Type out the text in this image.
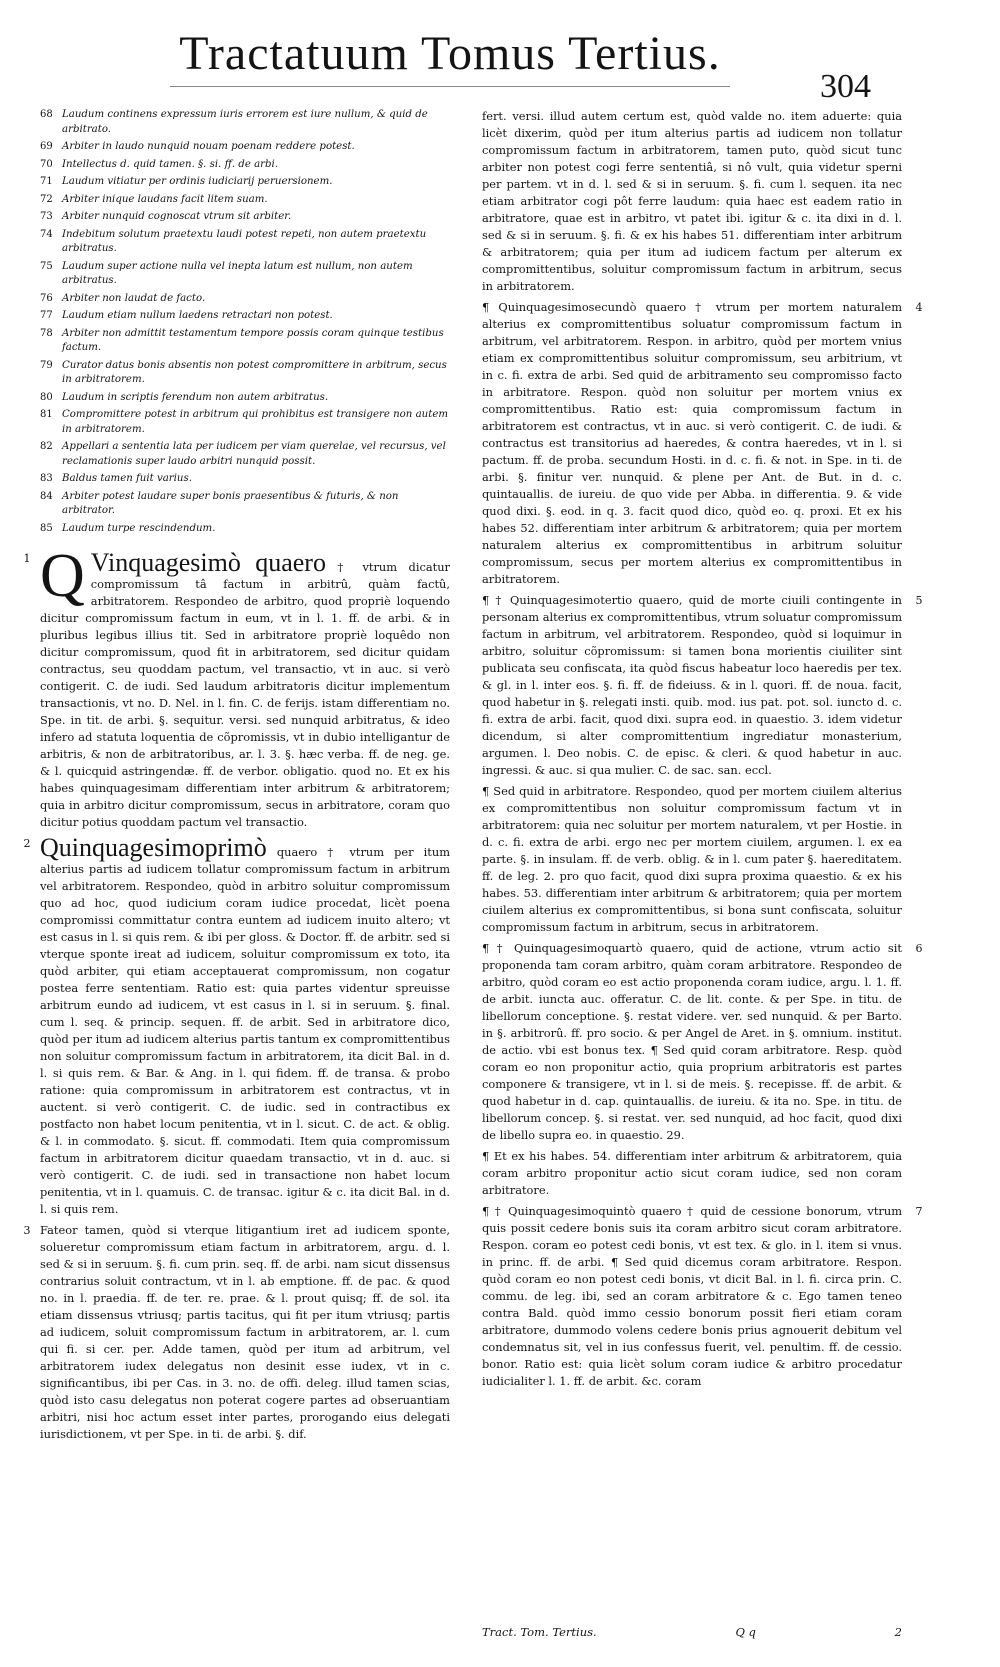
Tractatuum Tomus Tertius.
304
68 Laudum continens expressum iuris errorem est iure nullum, & quid de arbitrato.
69 Arbiter in laudo nunquid nouam poenam reddere potest.
70 Intellectus d. quid tamen. §. si. ff. de arbi.
71 Laudum vitiatur per ordinis iudiciarij peruersionem.
72 Arbiter inique laudans facit litem suam.
73 Arbiter nunquid cognoscat vtrum sit arbiter.
74 Indebitum solutum praetextu laudi potest repeti, non autem praetextu arbitratus.
75 Laudum super actione nulla vel inepta latum est nullum, non autem arbitratus.
76 Arbiter non laudat de facto.
77 Laudum etiam nullum laedens retractari non potest.
78 Arbiter non admittit testamentum tempore possis coram quinque testibus factum.
79 Curator datus bonis absentis non potest compromittere in arbitrum, secus in arbitratorem.
80 Laudum in scriptis ferendum non autem arbitratus.
81 Compromittere potest in arbitrum qui prohibitus est transigere non autem in arbitratorem.
82 Appellari a sententia lata per iudicem per viam querelae, vel recursus, vel reclamationis super laudo arbitri nunquid possit.
83 Baldus tamen fuit varius.
84 Arbiter potest laudare super bonis praesentibus & futuris, & non arbitrator.
85 Laudum turpe rescindendum.

1 Q Vinquagesimò quaero † vtrum dicatur compromissum tâ factum in arbitrû, quàm factû, arbitratorem. Respondeo de arbitro, quod propriè loquendo dicitur compromissum factum in eum, vt in l. 1. ff. de arbi. & in pluribus legibus illius tit. Sed in arbitratore propriè loquêdo non dicitur compromissum, quod fit in arbitratorem, sed dicitur quidam contractus, seu quoddam pactum, vel transactio, vt in auc. si verò contigerit. C. de iudi. Sed laudum arbitratoris dicitur implementum transactionis, vt no. D. Nel. in l. fin. C. de ferijs. istam differentiam no. Spe. in tit. de arbi. §. sequitur. versi. sed nunquid arbitratus, & ideo infero ad statuta loquentia de cõpromissis, vt in dubio intelligantur de arbitris, & non de arbitratoribus, ar. l. 3. §. hæc verba. ff. de neg. ge. & l. quicquid astringendæ. ff. de verbor. obligatio. quod no. Et ex his habes quinquagesimam differentiam inter arbitrum & arbitratorem; quia in arbitro dicitur compromissum, secus in arbitratore, coram quo dicitur potius quoddam pactum vel transactio.

2 Quinquagesimoprimò quaero † vtrum per itum alterius partis ad iudicem tollatur compromissum factum in arbitrum vel arbitratorem. Respondeo, quòd in arbitro soluitur compromissum quo ad hoc, quod iudicium coram iudice procedat, licèt poena compromissi committatur contra euntem ad iudicem inuito altero; vt est casus in l. si quis rem. & ibi per gloss. & Doctor. ff. de arbitr. sed si vterque sponte ireat ad iudicem, soluitur compromissum ex toto, ita quòd arbiter, qui etiam acceptauerat compromissum, non cogatur postea ferre sententiam. Ratio est: quia partes videntur spreuisse arbitrum eundo ad iudicem, vt est casus in l. si in seruum. §. final. cum l. seq. & princip. sequen. ff. de arbit. Sed in arbitratore dico, quòd per itum ad iudicem alterius partis tantum ex compromittentibus non soluitur compromissum factum in arbitratorem, ita dicit Bal. in d. l. si quis rem. & Bar. & Ang. in l. qui fidem. ff. de transa. & probo ratione: quia compromissum in arbitratorem est contractus, vt in auctent. si verò contigerit. C. de iudic. sed in contractibus ex postfacto non habet locum penitentia, vt in l. sicut. C. de act. & oblig. & l. in commodato. §. sicut. ff. commodati. Item quia compromissum factum in arbitratorem dicitur quaedam transactio, vt in d. auc. si verò contigerit. C. de iudi. sed in transactione non habet locum penitentia, vt in l. quamuis. C. de transac. igitur & c. ita dicit Bal. in d. l. si quis rem.

3 Fateor tamen, quòd si vterque litigantium iret ad iudicem sponte, solueretur compromissum etiam factum in arbitratorem, argu. d. l. sed & si in seruum. §. fi. cum prin. seq. ff. de arbi. nam sicut dissensus contrarius soluit contractum, vt in l. ab emptione. ff. de pac. & quod no. in l. praedia. ff. de ter. re. prae. & l. prout quisq; ff. de sol. ita etiam dissensus vtriusq; partis tacitus, qui fit per itum vtriusq; partis ad iudicem, soluit compromissum factum in arbitratorem, ar. l. cum qui fi. si cer. per. Adde tamen, quòd per itum ad arbitrum, vel arbitratorem iudex delegatus non desinit esse iudex, vt in c. significantibus, ibi per Cas. in 3. no. de offi. deleg. illud tamen scias, quòd isto casu delegatus non poterat cogere partes ad obseruantiam arbitri, nisi hoc actum esset inter partes, prorogando eius delegati iurisdictionem, vt per Spe. in ti. de arbi. §. dif.

fert. versi. illud autem certum est, quòd valde no. item aduerte: quia licèt dixerim, quòd per itum alterius partis ad iudicem non tollatur compromissum factum in arbitratorem, tamen puto, quòd sicut tunc arbiter non potest cogi ferre sententiâ, si nô vult, quia videtur sperni per partem. vt in d. l. sed & si in seruum. §. fi. cum l. sequen. ita nec etiam arbitrator cogi pôt ferre laudum: quia haec est eadem ratio in arbitratore, quae est in arbitro, vt patet ibi. igitur & c. ita dixi in d. l. sed & si in seruum. §. fi. & ex his habes 51. differentiam inter arbitrum & arbitratorem; quia per itum ad iudicem factum per alterum ex compromittentibus, soluitur compromissum factum in arbitrum, secus in arbitratorem.

4
¶ Quinquagesimosecundò quaero † vtrum per mortem naturalem alterius ex compromittentibus soluatur compromissum factum in arbitrum, vel arbitratorem. Respon. in arbitro, quòd per mortem vnius etiam ex compromittentibus soluitur compromissum, seu arbitrium, vt in c. fi. extra de arbi. Sed quid de arbitramento seu compromisso facto in arbitratore. Respon. quòd non soluitur per mortem vnius ex compromittentibus. Ratio est: quia compromissum factum in arbitratorem est contractus, vt in auc. si verò contigerit. C. de iudi. & contractus est transitorius ad haeredes, & contra haeredes, vt in l. si pactum. ff. de proba. secundum Hosti. in d. c. fi. & not. in Spe. in ti. de arbi. §. finitur ver. nunquid. & plene per Ant. de But. in d. c. quintauallis. de iureiu. de quo vide per Abba. in differentia. 9. & vide quod dixi. §. eod. in q. 3. facit quod dico, quòd eo. q. proxi. Et ex his habes 52. differentiam inter arbitrum & arbitratorem; quia per mortem naturalem alterius ex compromittentibus in arbitrum soluitur compromissum, secus per mortem alterius ex compromittentibus in arbitratorem.

5
¶ † Quinquagesimotertio quaero, quid de morte ciuili contingente in personam alterius ex compromittentibus, vtrum soluatur compromissum factum in arbitrum, vel arbitratorem. Respondeo, quòd si loquimur in arbitro, soluitur cõpromissum: si tamen bona morientis ciuiliter sint publicata seu confiscata, ita quòd fiscus habeatur loco haeredis per tex. & gl. in l. inter eos. §. fi. ff. de fideiuss. & in l. quori. ff. de noua. facit, quod habetur in §. relegati insti. quib. mod. ius pat. pot. sol. iuncto d. c. fi. extra de arbi. facit, quod dixi. supra eod. in quaestio. 3. idem videtur dicendum, si alter compromittentium ingrediatur monasterium, argumen. l. Deo nobis. C. de episc. & cleri. & quod habetur in auc. ingressi. & auc. si qua mulier. C. de sac. san. eccl.

¶ Sed quid in arbitratore. Respondeo, quod per mortem ciuilem alterius ex compromittentibus non soluitur compromissum factum vt in arbitratorem: quia nec soluitur per mortem naturalem, vt per Hostie. in d. c. fi. extra de arbi. ergo nec per mortem ciuilem, argumen. l. ex ea parte. §. in insulam. ff. de verb. oblig. & in l. cum pater §. haereditatem. ff. de leg. 2. pro quo facit, quod dixi supra proxima quaestio. & ex his habes. 53. differentiam inter arbitrum & arbitratorem; quia per mortem ciuilem alterius ex compromittentibus, si bona sunt confiscata, soluitur compromissum factum in arbitrum, secus in arbitratorem.

6
¶ † Quinquagesimoquartò quaero, quid de actione, vtrum actio sit proponenda tam coram arbitro, quàm coram arbitratore. Respondeo de arbitro, quòd coram eo est actio proponenda coram iudice, argu. l. 1. ff. de arbit. iuncta auc. offeratur. C. de lit. conte. & per Spe. in titu. de libellorum conceptione. §. restat videre. ver. sed nunquid. & per Barto. in §. arbitrorû. ff. pro socio. & per Angel de Aret. in §. omnium. institut. de actio. vbi est bonus tex. ¶ Sed quid coram arbitratore. Resp. quòd coram eo non proponitur actio, quia proprium arbitratoris est partes componere & transigere, vt in l. si de meis. §. recepisse. ff. de arbit. & quod habetur in d. cap. quintauallis. de iureiu. & ita no. Spe. in titu. de libellorum concep. §. si restat. ver. sed nunquid, ad hoc facit, quod dixi de libello supra eo. in quaestio. 29.

¶ Et ex his habes. 54. differentiam inter arbitrum & arbitratorem, quia coram arbitro proponitur actio sicut coram iudice, sed non coram arbitratore.

7
¶ † Quinquagesimoquintò quaero † quid de cessione bonorum, vtrum quis possit cedere bonis suis ita coram arbitro sicut coram arbitratore. Respon. coram eo potest cedi bonis, vt est tex. & glo. in l. item si vnus. in princ. ff. de arbi. ¶ Sed quid dicemus coram arbitratore. Respon. quòd coram eo non potest cedi bonis, vt dicit Bal. in l. fi. circa prin. C. commu. de leg. ibi, sed an coram arbitratore & c. Ego tamen teneo contra Bald. quòd immo cessio bonorum possit fieri etiam coram arbitratore, dummodo volens cedere bonis prius agnouerit debitum vel condemnatus sit, vel in ius confessus fuerit, vel. penultim. ff. de cessio. bonor. Ratio est: quia licèt solum coram iudice & arbitro procedatur iudicialiter l. 1. ff. de arbit. &c. coram

Tract. Tom. Tertius.	Q q	2
